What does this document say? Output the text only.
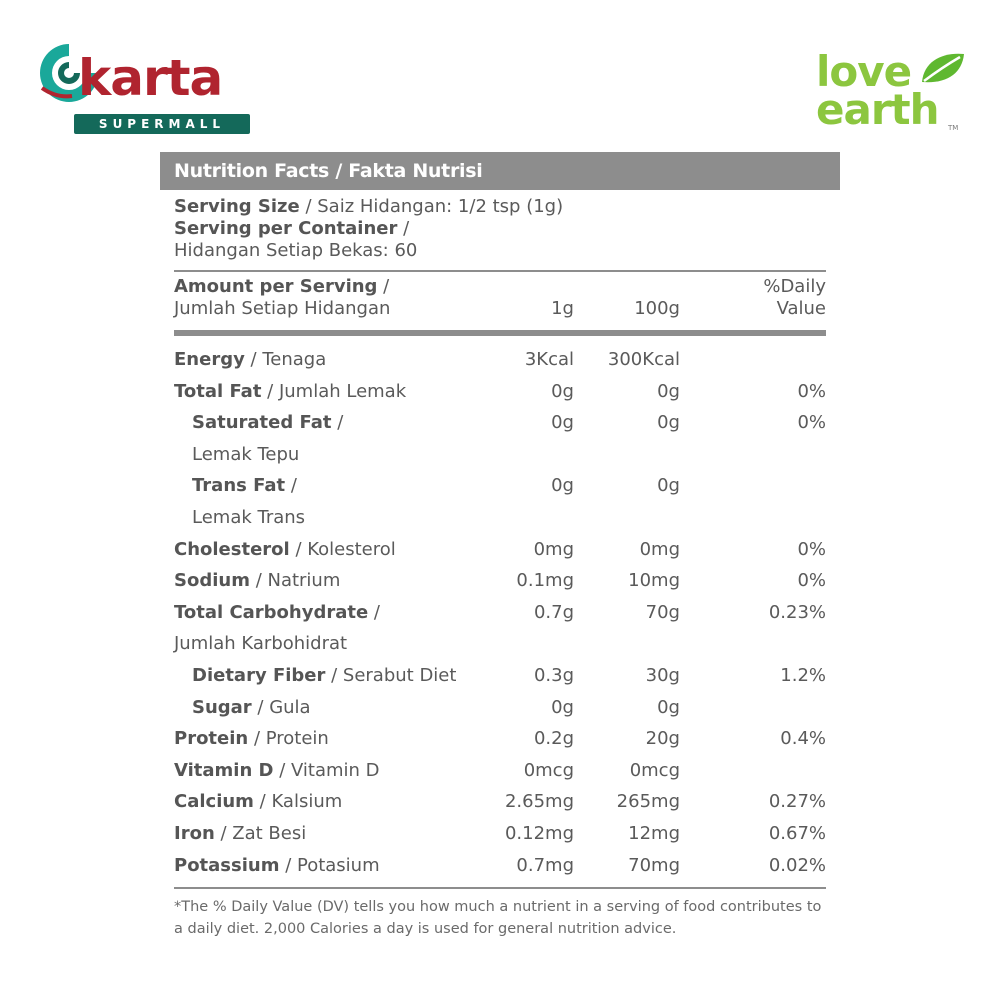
karta
SUPERMALL
love
earth TM
Nutrition Facts / Fakta Nutrisi
Serving Size / Saiz Hidangan: 1/2 tsp (1g)
Serving per Container /
Hidangan Setiap Bekas: 60
Amount per Serving /
Jumlah Setiap Hidangan	1g	100g
%Daily
Value
Energy / Tenaga	3Kcal 300Kcal
Total Fat / Jumlah Lemak	0g	0g	0%
Saturated Fat /	0g	0g	0%
Lemak Tepu
Trans Fat /	0g	0g
Lemak Trans
Cholesterol / Kolesterol	0mg	0mg	0%
Sodium / Natrium	0.1mg	10mg	0%
Total Carbohydrate /	0.7g	70g	0.23%
Jumlah Karbohidrat
Dietary Fiber / Serabut Diet	0.3g	30g	1.2%
Sugar / Gula	0g	0g
Protein / Protein	0.2g	20g	0.4%
Vitamin D / Vitamin D	0mcg	0mcg
Calcium / Kalsium	2.65mg 265mg	0.27%
Iron / Zat Besi	0.12mg	12mg	0.67%
Potassium / Potasium	0.7mg	70mg	0.02%
*The % Daily Value (DV) tells you how much a nutrient in a serving of food contributes to a daily diet. 2,000 Calories a day is used for general nutrition advice.
